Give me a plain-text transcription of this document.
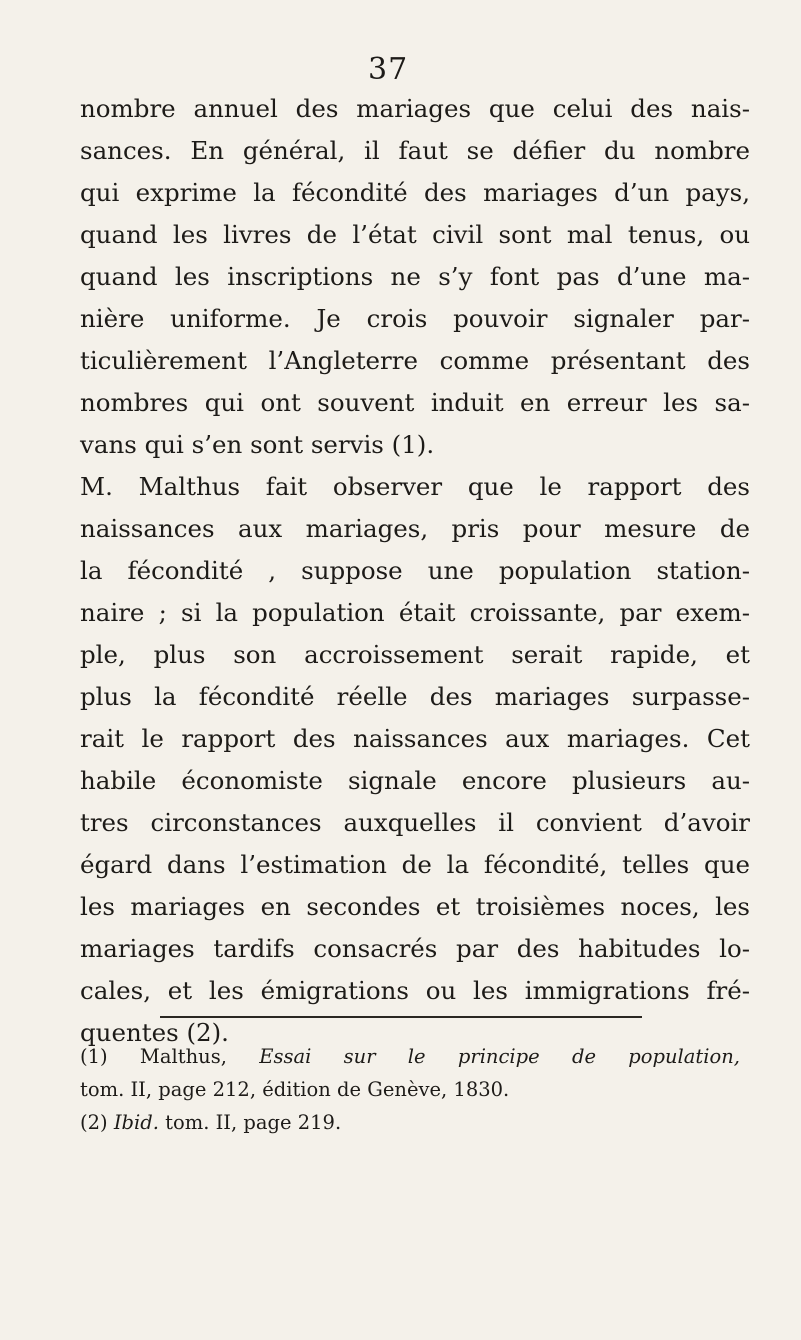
37
nombre annuel des mariages que celui des nais-
sances. En général, il faut se défier du nombre
qui exprime la fécondité des mariages d’un pays,
quand les livres de l’état civil sont mal tenus, ou
quand les inscriptions ne s’y font pas d’une ma-
nière uniforme. Je crois pouvoir signaler par-
ticulièrement l’Angleterre comme présentant des
nombres qui ont souvent induit en erreur les sa-
vans qui s’en sont servis (1).
M. Malthus fait observer que le rapport des
naissances aux mariages, pris pour mesure de
la fécondité , suppose une population station-
naire ; si la population était croissante, par exem-
ple, plus son accroissement serait rapide, et
plus la fécondité réelle des mariages surpasse-
rait le rapport des naissances aux mariages. Cet
habile économiste signale encore plusieurs au-
tres circonstances auxquelles il convient d’avoir
égard dans l’estimation de la fécondité, telles que
les mariages en secondes et troisièmes noces, les
mariages tardifs consacrés par des habitudes lo-
cales, et les émigrations ou les immigrations fré-
quentes (2).
(1) Malthus, Essai sur le principe de population,
tom. II, page 212, édition de Genève, 1830.
(2) Ibid. tom. II, page 219.
